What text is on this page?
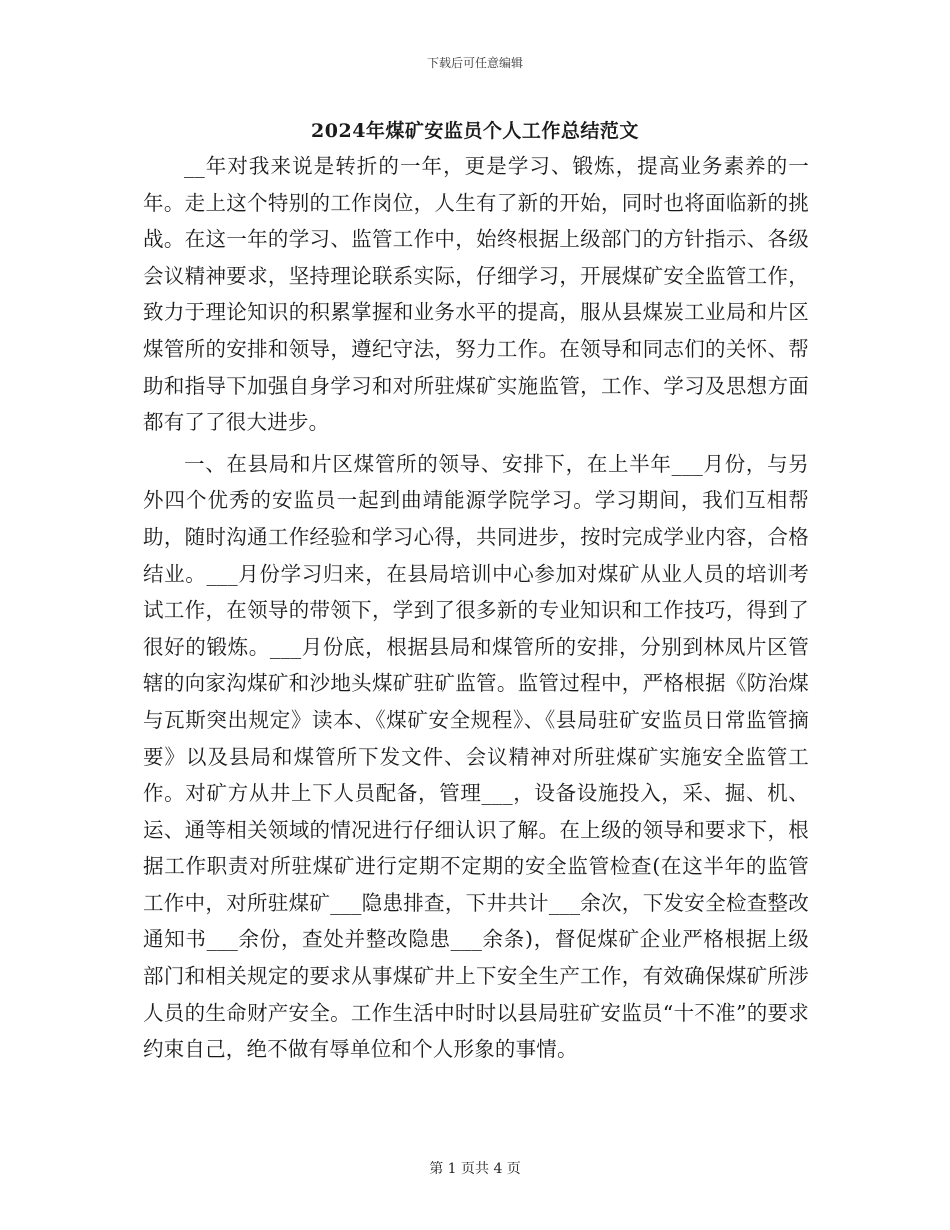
下载后可任意编辑
2024年煤矿安监员个人工作总结范文

__年对我来说是转折的一年，更是学习、锻炼，提高业务素养的一年。走上这个特别的工作岗位，人生有了新的开始，同时也将面临新的挑战。在这一年的学习、监管工作中，始终根据上级部门的方针指示、各级会议精神要求，坚持理论联系实际，仔细学习，开展煤矿安全监管工作，致力于理论知识的积累掌握和业务水平的提高，服从县煤炭工业局和片区煤管所的安排和领导，遵纪守法，努力工作。在领导和同志们的关怀、帮助和指导下加强自身学习和对所驻煤矿实施监管，工作、学习及思想方面都有了了很大进步。

一、在县局和片区煤管所的领导、安排下，在上半年___月份，与另外四个优秀的安监员一起到曲靖能源学院学习。学习期间，我们互相帮助，随时沟通工作经验和学习心得，共同进步，按时完成学业内容，合格结业。___月份学习归来，在县局培训中心参加对煤矿从业人员的培训考试工作，在领导的带领下，学到了很多新的专业知识和工作技巧，得到了很好的锻炼。___月份底，根据县局和煤管所的安排，分别到林凤片区管辖的向家沟煤矿和沙地头煤矿驻矿监管。监管过程中，严格根据《防治煤与瓦斯突出规定》读本、《煤矿安全规程》、《县局驻矿安监员日常监管摘要》以及县局和煤管所下发文件、会议精神对所驻煤矿实施安全监管工作。对矿方从井上下人员配备，管理___，设备设施投入，采、掘、机、运、通等相关领域的情况进行仔细认识了解。在上级的领导和要求下，根据工作职责对所驻煤矿进行定期不定期的安全监管检查(在这半年的监管工作中，对所驻煤矿___隐患排查，下井共计___余次，下发安全检查整改通知书___余份，查处并整改隐患___余条)，督促煤矿企业严格根据上级部门和相关规定的要求从事煤矿井上下安全生产工作，有效确保煤矿所涉人员的生命财产安全。工作生活中时时以县局驻矿安监员“十不准”的要求约束自己，绝不做有辱单位和个人形象的事情。

第 1 页共 4 页
